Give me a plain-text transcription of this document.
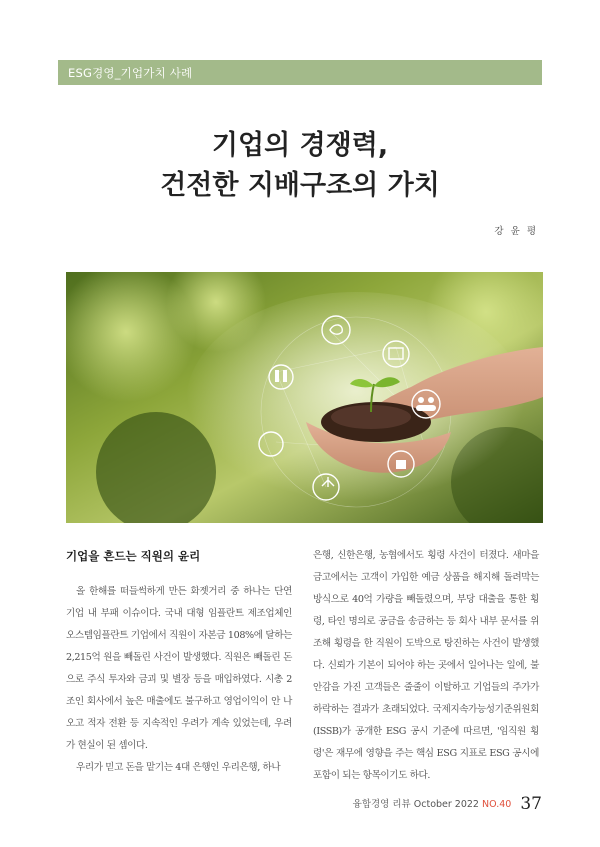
ESG경영_기업가치 사례
기업의 경쟁력,
건전한 지배구조의 가치
강 윤 평
기업을 흔드는 직원의 윤리

올 한해를 떠들썩하게 만든 화젯거리 중 하나는 단연 기업 내 부패 이슈이다. 국내 대형 임플란트 제조업체인 오스템임플란트 기업에서 직원이 자본금 108%에 달하는 2,215억 원을 빼돌린 사건이 발생했다. 직원은 빼돌린 돈으로 주식 투자와 금괴 및 별장 등을 매입하였다. 시총 2조인 회사에서 높은 매출에도 불구하고 영업이익이 안 나오고 적자 전환 등 지속적인 우려가 계속 있었는데, 우려가 현실이 된 셈이다.

우리가 믿고 돈을 맡기는 4대 은행인 우리은행, 하나

은행, 신한은행, 농협에서도 횡령 사건이 터졌다. 새마을금고에서는 고객이 가입한 예금 상품을 해지해 돌려막는 방식으로 40억 가량을 빼돌렸으며, 부당 대출을 통한 횡령, 타인 명의로 공금을 송금하는 등 회사 내부 문서를 위조해 횡령을 한 직원이 도박으로 탕진하는 사건이 발생했다. 신뢰가 기본이 되어야 하는 곳에서 일어나는 일에, 불안감을 가진 고객들은 줄줄이 이탈하고 기업들의 주가가 하락하는 결과가 초래되었다. 국제지속가능성기준위원회(ISSB)가 공개한 ESG 공시 기준에 따르면, '임직원 횡령'은 재무에 영향을 주는 핵심 ESG 지표로 ESG 공시에 포함이 되는 항목이기도 하다.

융합경영 리뷰 October 2022 NO.40 37
